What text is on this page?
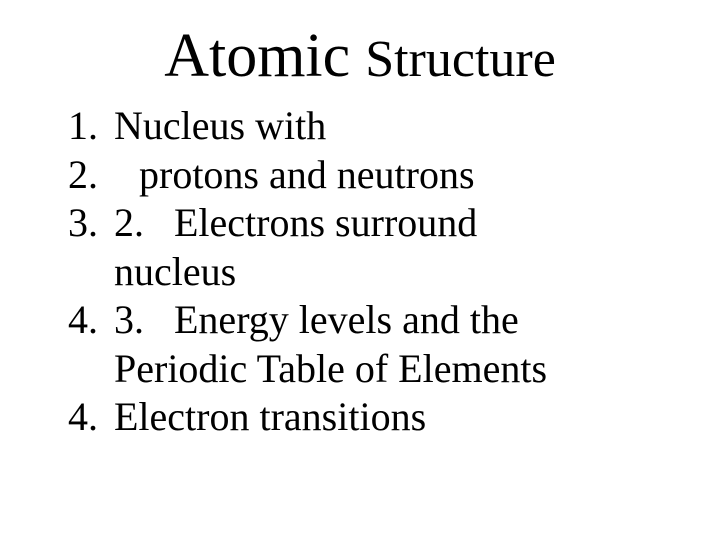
Atomic Structure
1. Nucleus with
2. protons and neutrons
3. 2. Electrons surround
nucleus
4. 3. Energy levels and the
Periodic Table of Elements
4. Electron transitions
